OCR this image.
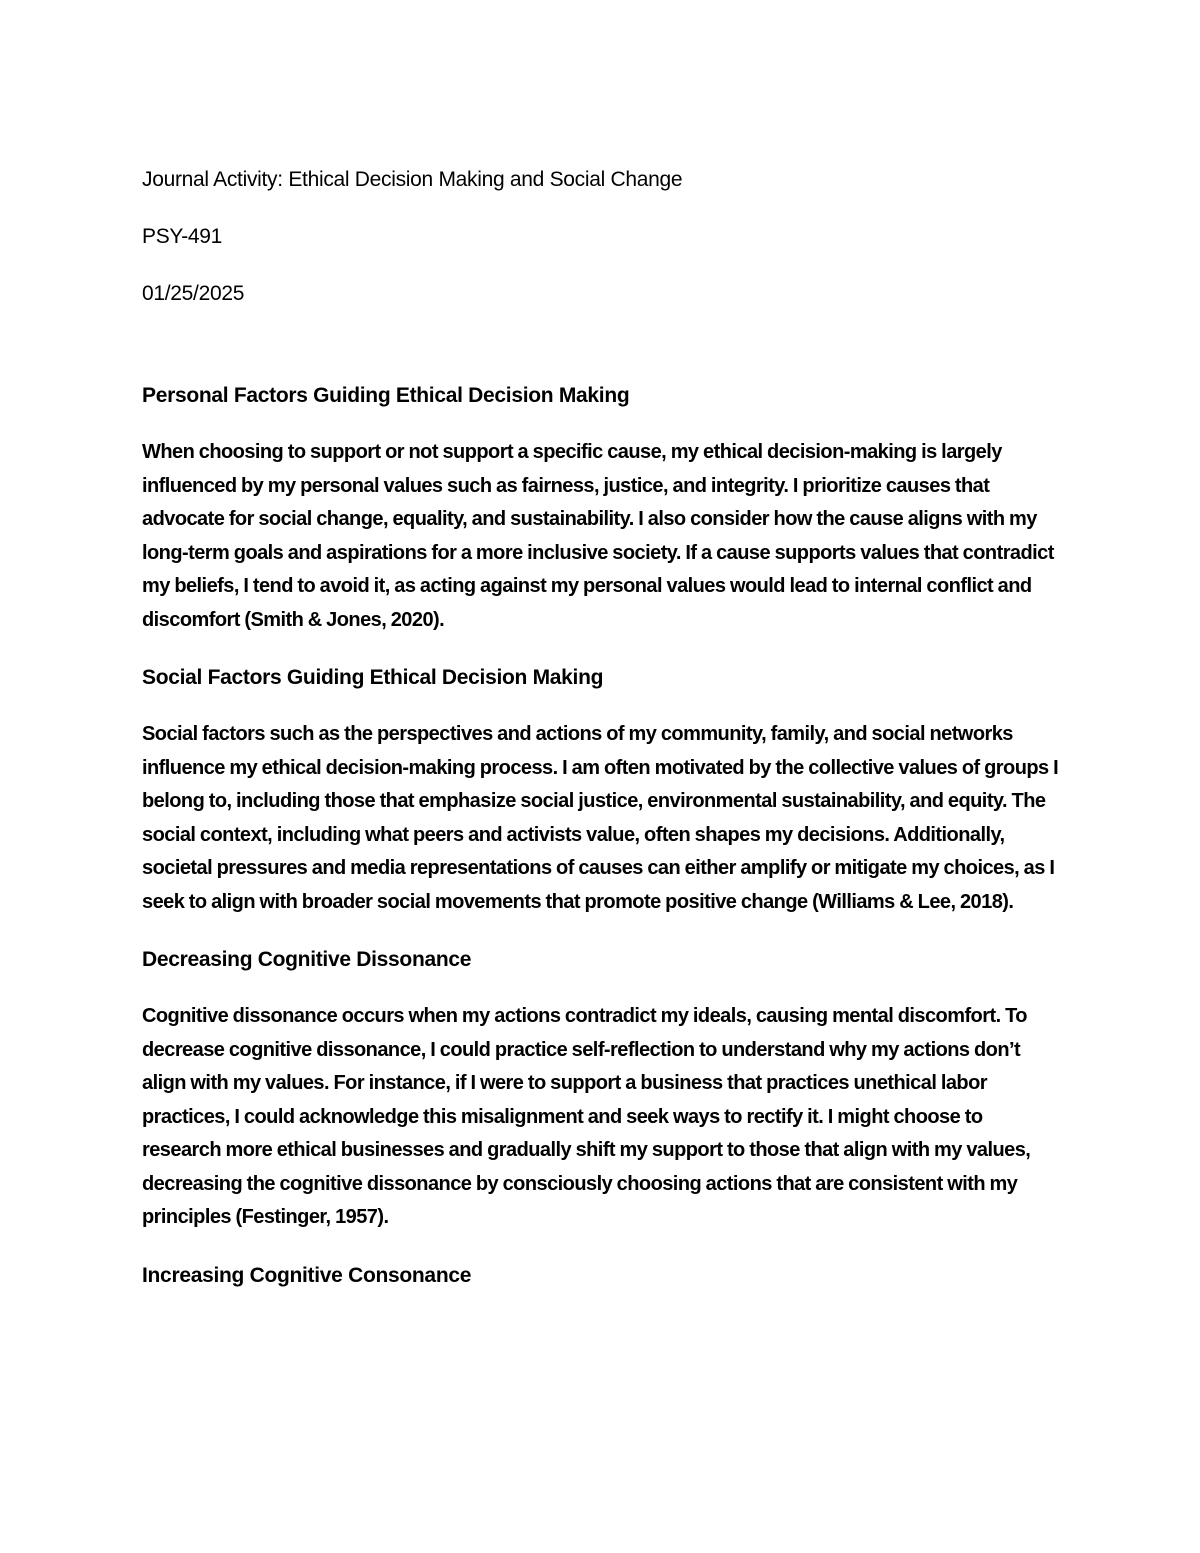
Journal Activity: Ethical Decision Making and Social Change

PSY-491

01/25/2025

Personal Factors Guiding Ethical Decision Making

When choosing to support or not support a specific cause, my ethical decision-making is largely influenced by my personal values such as fairness, justice, and integrity. I prioritize causes that advocate for social change, equality, and sustainability. I also consider how the cause aligns with my long-term goals and aspirations for a more inclusive society. If a cause supports values that contradict my beliefs, I tend to avoid it, as acting against my personal values would lead to internal conflict and discomfort (Smith & Jones, 2020).

Social Factors Guiding Ethical Decision Making

Social factors such as the perspectives and actions of my community, family, and social networks influence my ethical decision-making process. I am often motivated by the collective values of groups I belong to, including those that emphasize social justice, environmental sustainability, and equity. The social context, including what peers and activists value, often shapes my decisions. Additionally, societal pressures and media representations of causes can either amplify or mitigate my choices, as I seek to align with broader social movements that promote positive change (Williams & Lee, 2018).

Decreasing Cognitive Dissonance

Cognitive dissonance occurs when my actions contradict my ideals, causing mental discomfort. To decrease cognitive dissonance, I could practice self-reflection to understand why my actions don’t align with my values. For instance, if I were to support a business that practices unethical labor practices, I could acknowledge this misalignment and seek ways to rectify it. I might choose to research more ethical businesses and gradually shift my support to those that align with my values, decreasing the cognitive dissonance by consciously choosing actions that are consistent with my principles (Festinger, 1957).

Increasing Cognitive Consonance
